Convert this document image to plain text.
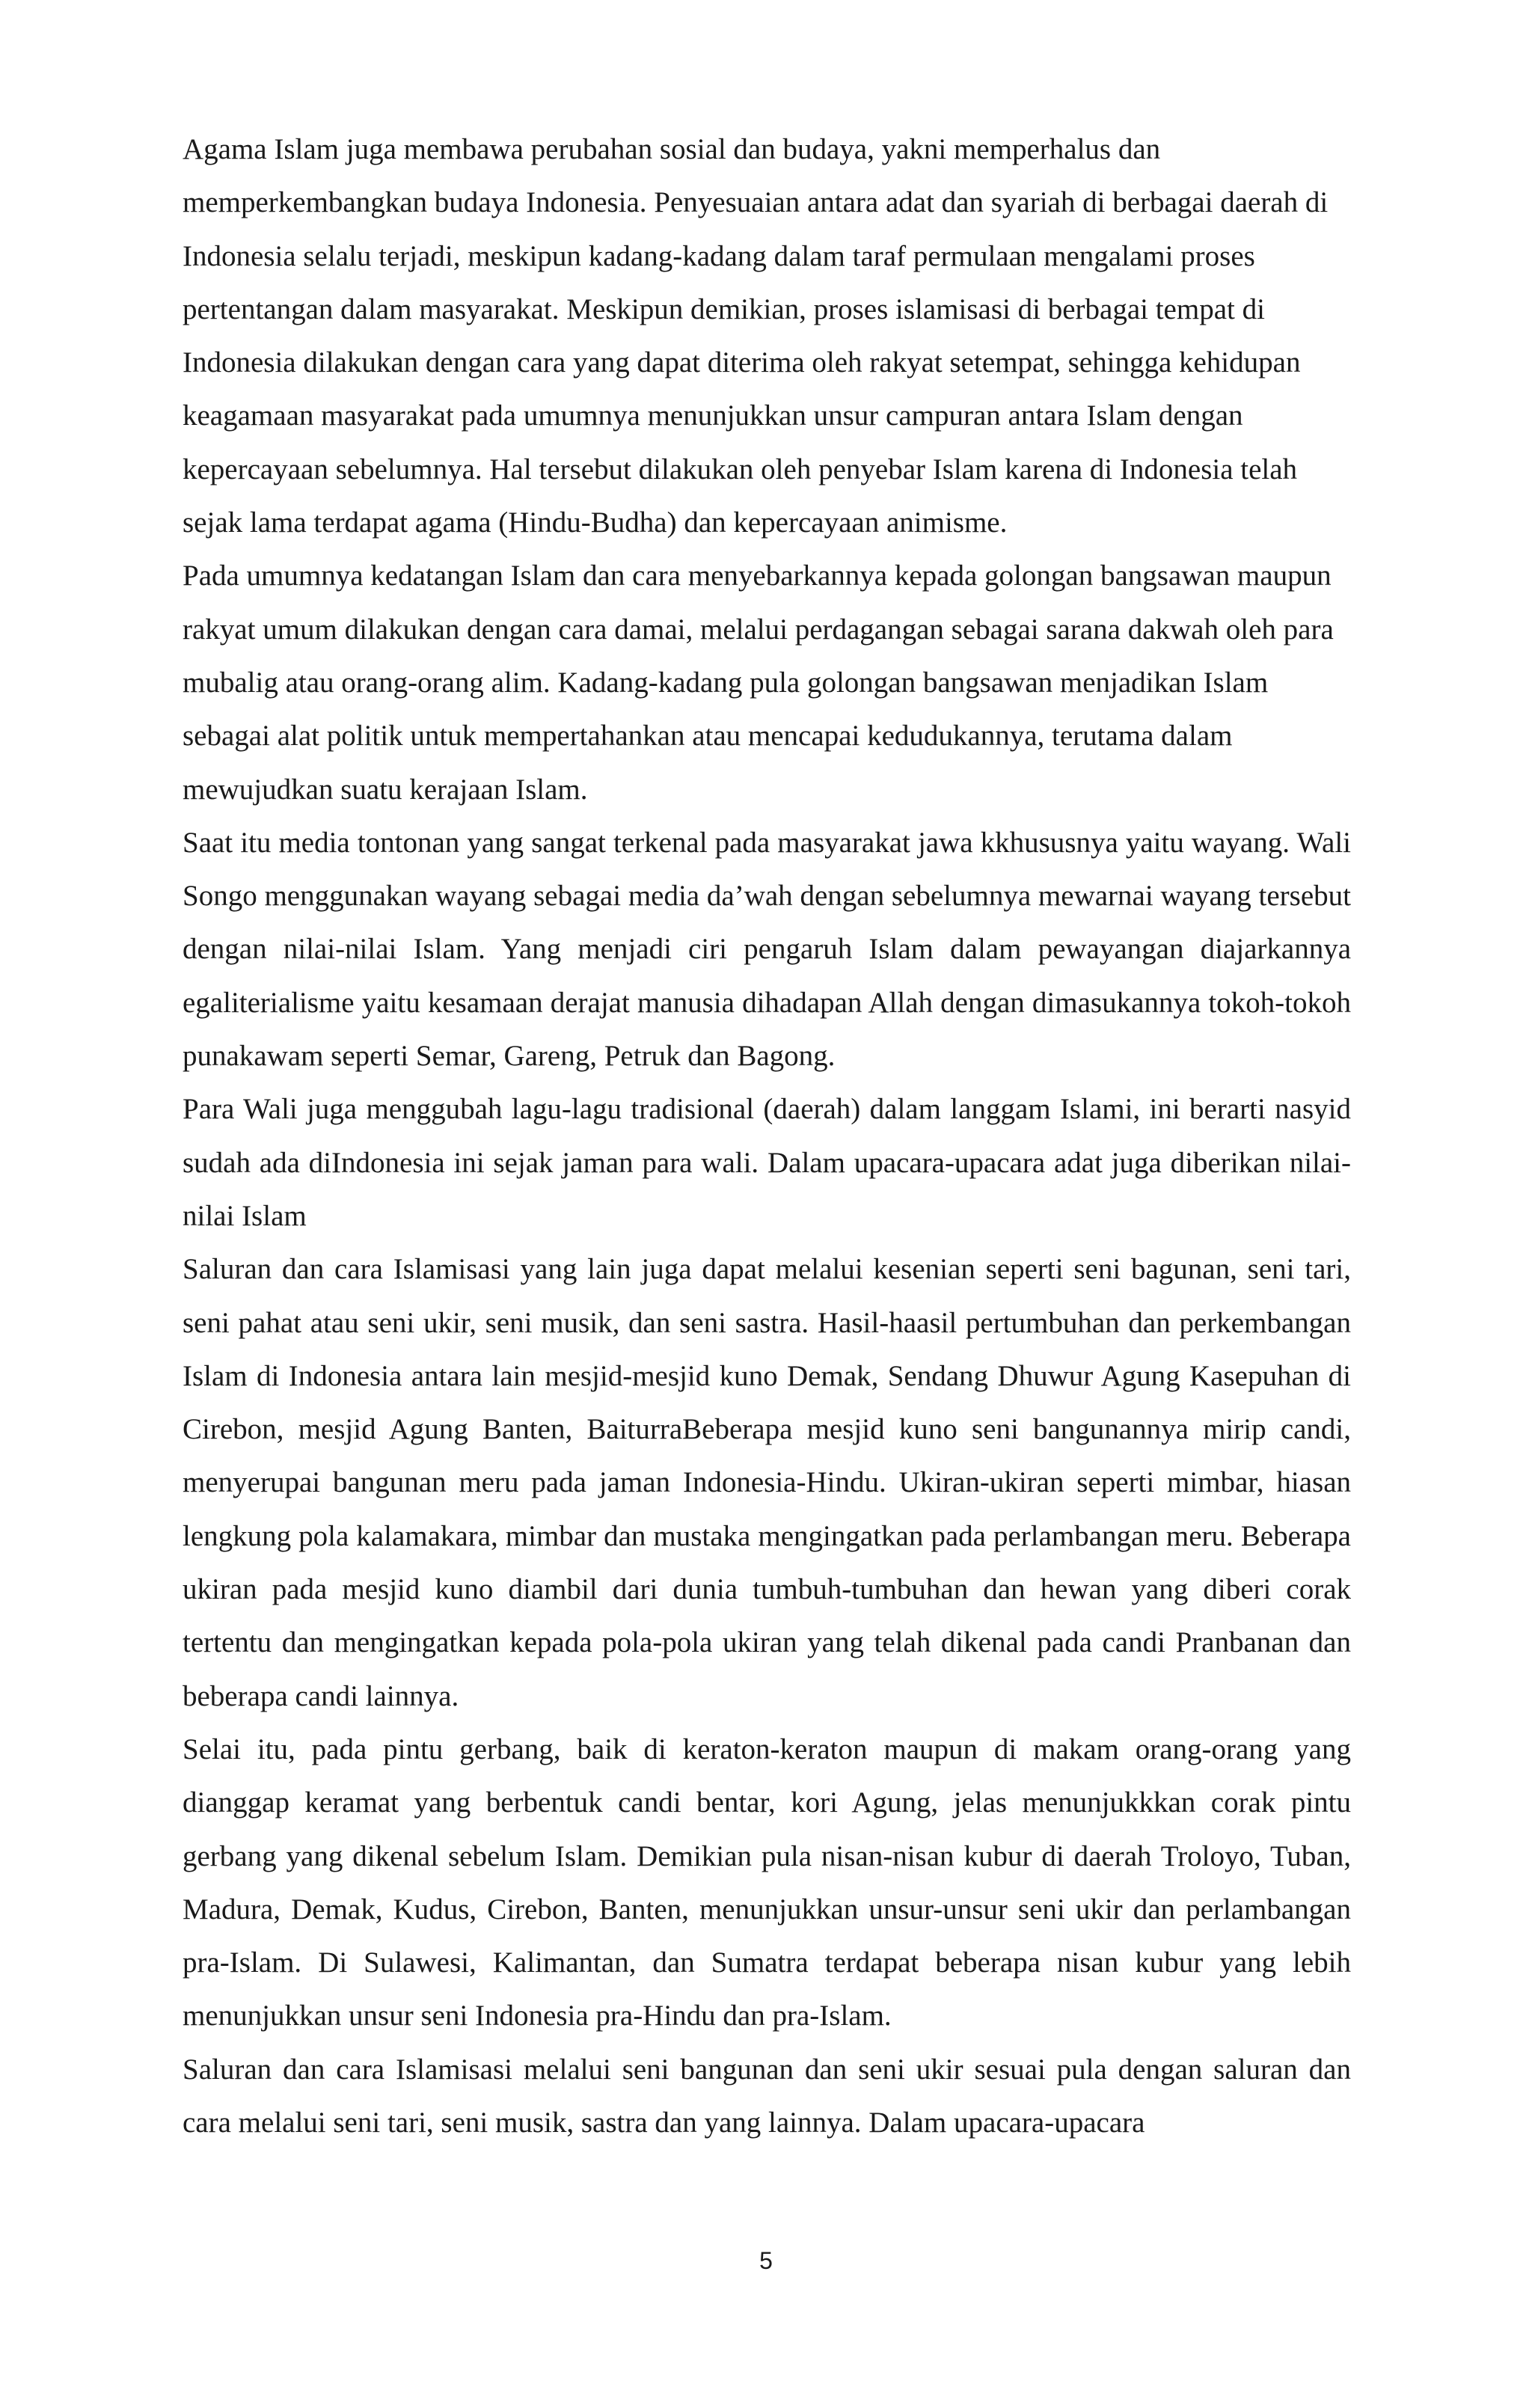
Agama Islam juga membawa perubahan sosial dan budaya, yakni memperhalus dan memperkembangkan budaya Indonesia. Penyesuaian antara adat dan syariah di berbagai daerah di Indonesia selalu terjadi, meskipun kadang-kadang dalam taraf permulaan mengalami proses pertentangan dalam masyarakat. Meskipun demikian, proses islamisasi di berbagai tempat di Indonesia dilakukan dengan cara yang dapat diterima oleh rakyat setempat, sehingga kehidupan keagamaan masyarakat pada umumnya menunjukkan unsur campuran antara Islam dengan kepercayaan sebelumnya. Hal tersebut dilakukan oleh penyebar Islam karena di Indonesia telah sejak lama terdapat agama (Hindu-Budha) dan kepercayaan animisme.

Pada umumnya kedatangan Islam dan cara menyebarkannya kepada golongan bangsawan maupun rakyat umum dilakukan dengan cara damai, melalui perdagangan sebagai sarana dakwah oleh para mubalig atau orang-orang alim. Kadang-kadang pula golongan bangsawan menjadikan Islam sebagai alat politik untuk mempertahankan atau mencapai kedudukannya, terutama dalam mewujudkan suatu kerajaan Islam.

Saat itu media tontonan yang sangat terkenal pada masyarakat jawa kkhususnya yaitu wayang. Wali Songo menggunakan wayang sebagai media da’wah dengan sebelumnya mewarnai wayang tersebut dengan nilai-nilai Islam. Yang menjadi ciri pengaruh Islam dalam pewayangan diajarkannya egaliterialisme yaitu kesamaan derajat manusia dihadapan Allah dengan dimasukannya tokoh-tokoh punakawam seperti Semar, Gareng, Petruk dan Bagong.

Para Wali juga menggubah lagu-lagu tradisional (daerah) dalam langgam Islami, ini berarti nasyid sudah ada diIndonesia ini sejak jaman para wali. Dalam upacara-upacara adat juga diberikan nilai-nilai Islam

Saluran dan cara Islamisasi yang lain juga dapat melalui kesenian seperti seni bagunan, seni tari, seni pahat atau seni ukir, seni musik, dan seni sastra. Hasil-haasil pertumbuhan dan perkembangan Islam di Indonesia antara lain mesjid-mesjid kuno Demak, Sendang Dhuwur Agung Kasepuhan di Cirebon, mesjid Agung Banten, BaiturraBeberapa mesjid kuno seni bangunannya mirip candi, menyerupai bangunan meru pada jaman Indonesia-Hindu. Ukiran-ukiran seperti mimbar, hiasan lengkung pola kalamakara, mimbar dan mustaka mengingatkan pada perlambangan meru. Beberapa ukiran pada mesjid kuno diambil dari dunia tumbuh-tumbuhan dan hewan yang diberi corak tertentu dan mengingatkan kepada pola-pola ukiran yang telah dikenal pada candi Pranbanan dan beberapa candi lainnya.

Selai itu, pada pintu gerbang, baik di keraton-keraton maupun di makam orang-orang yang dianggap keramat yang berbentuk candi bentar, kori Agung, jelas menunjukkkan corak pintu gerbang yang dikenal sebelum Islam. Demikian pula nisan-nisan kubur di daerah Troloyo, Tuban, Madura, Demak, Kudus, Cirebon, Banten, menunjukkan unsur-unsur seni ukir dan perlambangan pra-Islam. Di Sulawesi, Kalimantan, dan Sumatra terdapat beberapa nisan kubur yang lebih menunjukkan unsur seni Indonesia pra-Hindu dan pra-Islam.

Saluran dan cara Islamisasi melalui seni bangunan dan seni ukir sesuai pula dengan saluran dan cara melalui seni tari, seni musik, sastra dan yang lainnya. Dalam upacara-upacara

5
